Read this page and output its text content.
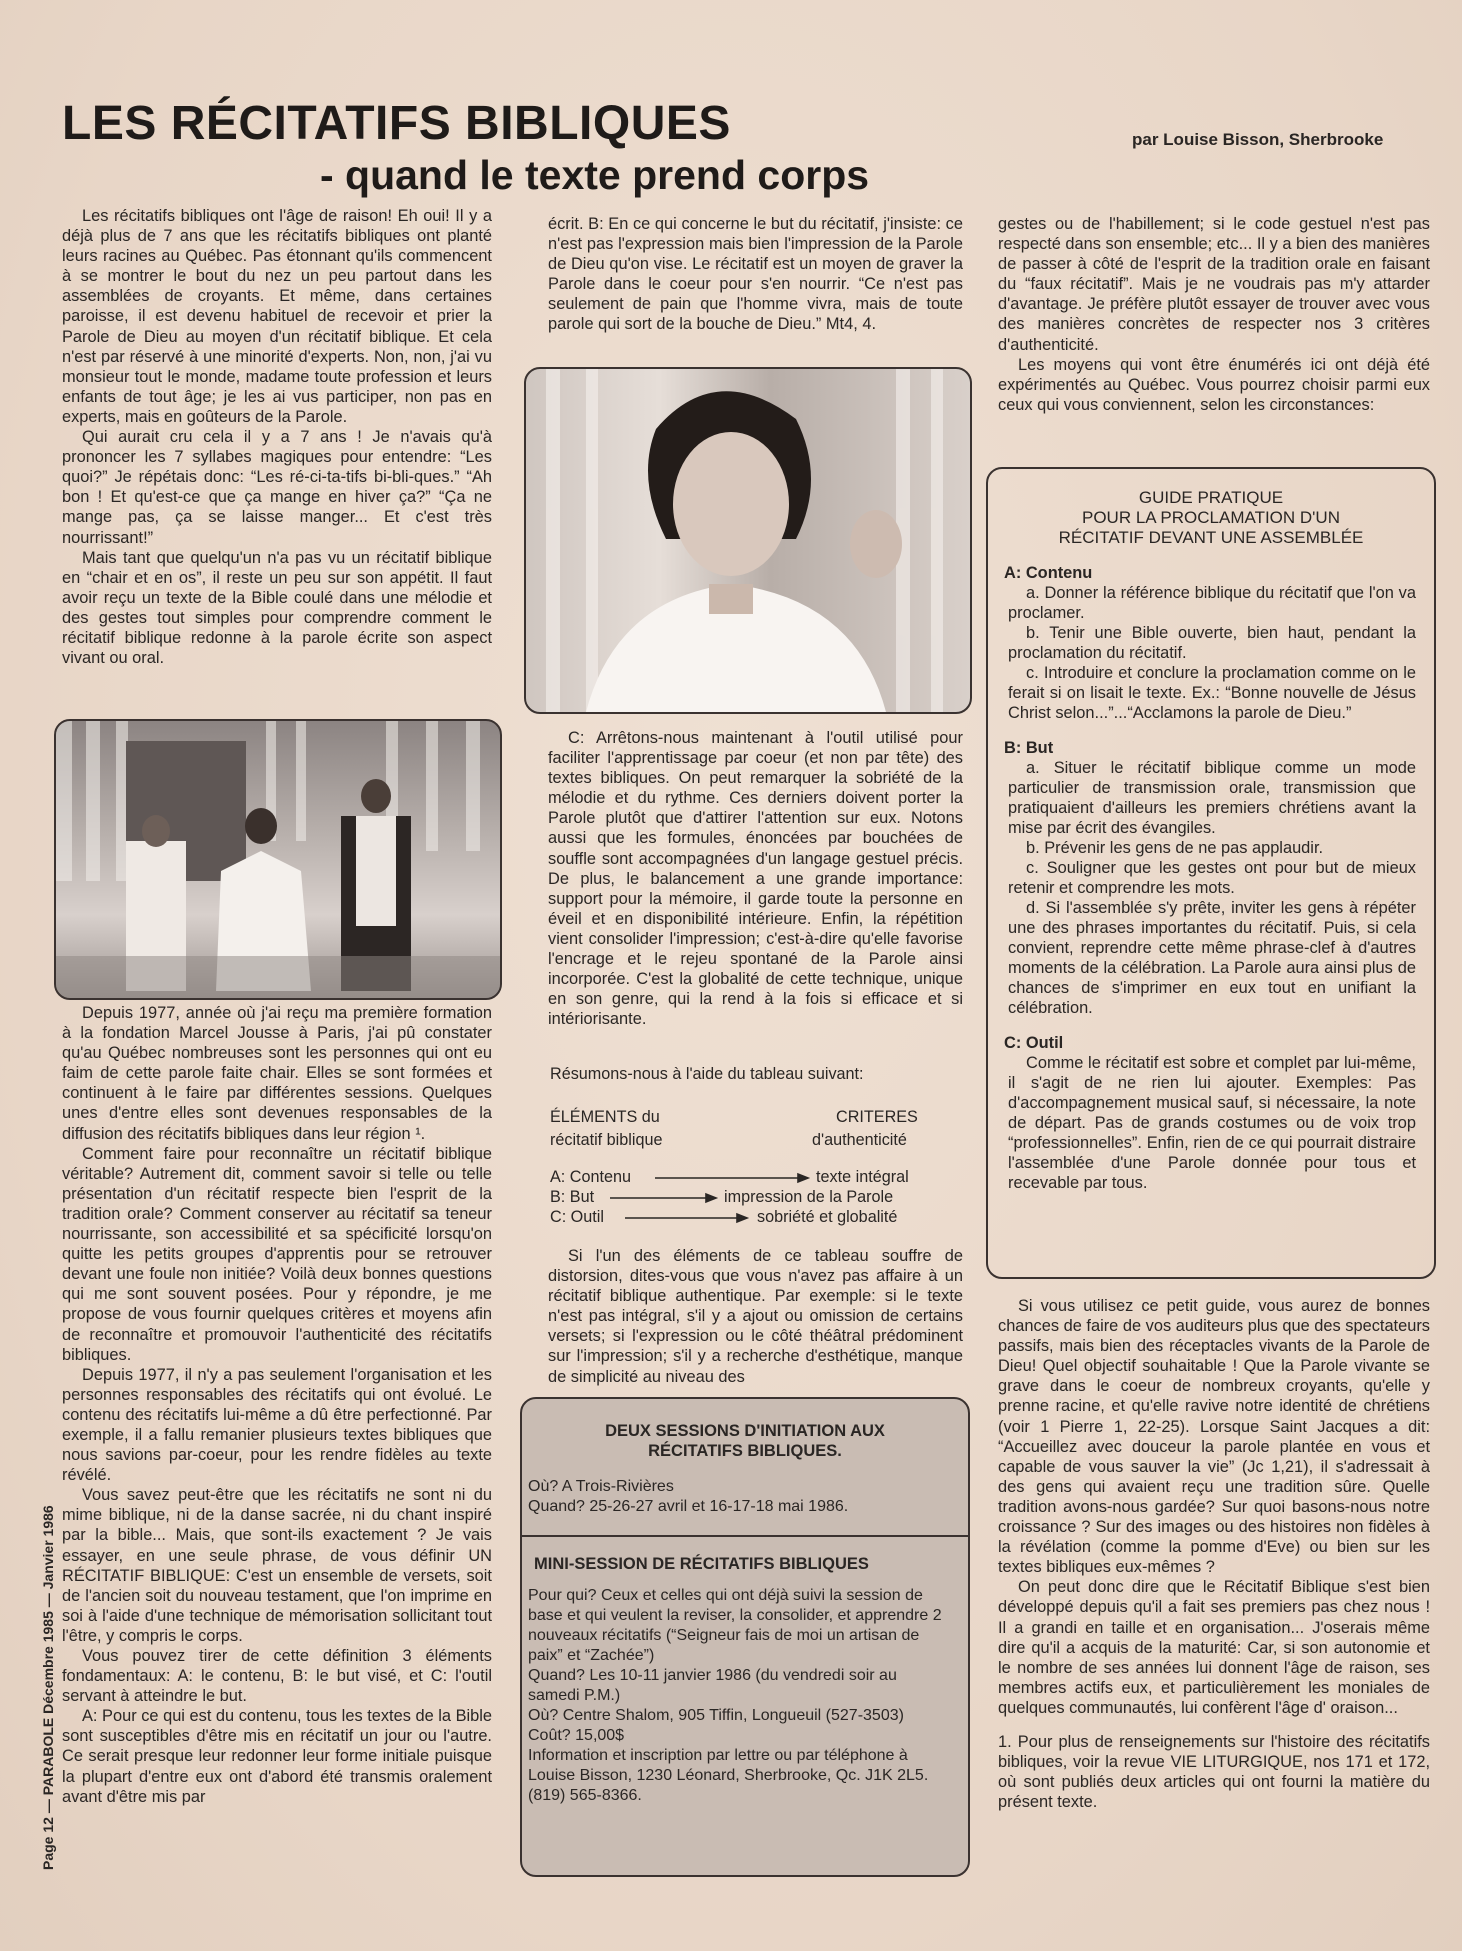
LES RÉCITATIFS BIBLIQUES
- quand le texte prend corps
par Louise Bisson, Sherbrooke

Les récitatifs bibliques ont l'âge de raison! Eh oui! Il y a déjà plus de 7 ans que les récitatifs bibliques ont planté leurs racines au Québec. Pas étonnant qu'ils commencent à se montrer le bout du nez un peu partout dans les assemblées de croyants. Et même, dans certaines paroisse, il est devenu habituel de recevoir et prier la Parole de Dieu au moyen d'un récitatif biblique. Et cela n'est par réservé à une minorité d'experts. Non, non, j'ai vu monsieur tout le monde, madame toute profession et leurs enfants de tout âge; je les ai vus participer, non pas en experts, mais en goûteurs de la Parole.

Qui aurait cru cela il y a 7 ans ! Je n'avais qu'à prononcer les 7 syllabes magiques pour entendre: “Les quoi?” Je répétais donc: “Les ré-ci-ta-tifs bi-bli-ques.” “Ah bon ! Et qu'est-ce que ça mange en hiver ça?” “Ça ne mange pas, ça se laisse manger... Et c'est très nourrissant!”

Mais tant que quelqu'un n'a pas vu un récitatif biblique en “chair et en os”, il reste un peu sur son appétit. Il faut avoir reçu un texte de la Bible coulé dans une mélodie et des gestes tout simples pour comprendre comment le récitatif biblique redonne à la parole écrite son aspect vivant ou oral.

Depuis 1977, année où j'ai reçu ma première formation à la fondation Marcel Jousse à Paris, j'ai pû constater qu'au Québec nombreuses sont les personnes qui ont eu faim de cette parole faite chair. Elles se sont formées et continuent à le faire par différentes sessions. Quelques unes d'entre elles sont devenues responsables de la diffusion des récitatifs bibliques dans leur région ¹.

Comment faire pour reconnaître un récitatif biblique véritable? Autrement dit, comment savoir si telle ou telle présentation d'un récitatif respecte bien l'esprit de la tradition orale? Comment conserver au récitatif sa teneur nourrissante, son accessibilité et sa spécificité lorsqu'on quitte les petits groupes d'apprentis pour se retrouver devant une foule non initiée? Voilà deux bonnes questions qui me sont souvent posées. Pour y répondre, je me propose de vous fournir quelques critères et moyens afin de reconnaître et promouvoir l'authenticité des récitatifs bibliques.

Depuis 1977, il n'y a pas seulement l'organisation et les personnes responsables des récitatifs qui ont évolué. Le contenu des récitatifs lui-même a dû être perfectionné. Par exemple, il a fallu remanier plusieurs textes bibliques que nous savions par-coeur, pour les rendre fidèles au texte révélé.

Vous savez peut-être que les récitatifs ne sont ni du mime biblique, ni de la danse sacrée, ni du chant inspiré par la bible... Mais, que sont-ils exactement ? Je vais essayer, en une seule phrase, de vous définir UN RÉCITATIF BIBLIQUE: C'est un ensemble de versets, soit de l'ancien soit du nouveau testament, que l'on imprime en soi à l'aide d'une technique de mémorisation sollicitant tout l'être, y compris le corps.

Vous pouvez tirer de cette définition 3 éléments fondamentaux: A: le contenu, B: le but visé, et C: l'outil servant à atteindre le but.

A: Pour ce qui est du contenu, tous les textes de la Bible sont susceptibles d'être mis en récitatif un jour ou l'autre. Ce serait presque leur redonner leur forme initiale puisque la plupart d'entre eux ont d'abord été transmis oralement avant d'être mis par

écrit. B: En ce qui concerne le but du récitatif, j'insiste: ce n'est pas l'expression mais bien l'impression de la Parole de Dieu qu'on vise. Le récitatif est un moyen de graver la Parole dans le coeur pour s'en nourrir. “Ce n'est pas seulement de pain que l'homme vivra, mais de toute parole qui sort de la bouche de Dieu.” Mt4, 4.

C: Arrêtons-nous maintenant à l'outil utilisé pour faciliter l'apprentissage par coeur (et non par tête) des textes bibliques. On peut remarquer la sobriété de la mélodie et du rythme. Ces derniers doivent porter la Parole plutôt que d'attirer l'attention sur eux. Notons aussi que les formules, énoncées par bouchées de souffle sont accompagnées d'un langage gestuel précis. De plus, le balancement a une grande importance: support pour la mémoire, il garde toute la personne en éveil et en disponibilité intérieure. Enfin, la répétition vient consolider l'impression; c'est-à-dire qu'elle favorise l'encrage et le rejeu spontané de la Parole ainsi incorporée. C'est la globalité de cette technique, unique en son genre, qui la rend à la fois si efficace et si intériorisante.

Résumons-nous à l'aide du tableau suivant:
ÉLÉMENTS du
récitatif biblique
CRITERES
d'authenticité
A: Contenu	texte intégral
B: But	impression de la Parole
C: Outil	sobriété et globalité

Si l'un des éléments de ce tableau souffre de distorsion, dites-vous que vous n'avez pas affaire à un récitatif biblique authentique. Par exemple: si le texte n'est pas intégral, s'il y a ajout ou omission de certains versets; si l'expression ou le côté théâtral prédominent sur l'impression; s'il y a recherche d'esthétique, manque de simplicité au niveau des

DEUX SESSIONS D'INITIATION AUX
RÉCITATIFS BIBLIQUES.
Où? A Trois-Rivières
Quand? 25-26-27 avril et 16-17-18 mai 1986.
MINI-SESSION DE RÉCITATIFS BIBLIQUES
Pour qui? Ceux et celles qui ont déjà suivi la session de base et qui veulent la reviser, la consolider, et apprendre 2 nouveaux récitatifs (“Seigneur fais de moi un artisan de paix” et “Zachée”)
Quand? Les 10-11 janvier 1986 (du vendredi soir au samedi P.M.)
Où? Centre Shalom, 905 Tiffin, Longueuil (527-3503)
Coût? 15,00$
Information et inscription par lettre ou par téléphone à Louise Bisson, 1230 Léonard, Sherbrooke, Qc. J1K 2L5. (819) 565-8366.

gestes ou de l'habillement; si le code gestuel n'est pas respecté dans son ensemble; etc... Il y a bien des manières de passer à côté de l'esprit de la tradition orale en faisant du “faux récitatif”. Mais je ne voudrais pas m'y attarder d'avantage. Je préfère plutôt essayer de trouver avec vous des manières concrètes de respecter nos 3 critères d'authenticité.

Les moyens qui vont être énumérés ici ont déjà été expérimentés au Québec. Vous pourrez choisir parmi eux ceux qui vous conviennent, selon les circonstances:

GUIDE PRATIQUE
POUR LA PROCLAMATION D'UN
RÉCITATIF DEVANT UNE ASSEMBLÉE
A: Contenu
a. Donner la référence biblique du récitatif que l'on va proclamer.
b. Tenir une Bible ouverte, bien haut, pendant la proclamation du récitatif.
c. Introduire et conclure la proclamation comme on le ferait si on lisait le texte. Ex.: “Bonne nouvelle de Jésus Christ selon...”...“Acclamons la parole de Dieu.”
B: But
a. Situer le récitatif biblique comme un mode particulier de transmission orale, transmission que pratiquaient d'ailleurs les premiers chrétiens avant la mise par écrit des évangiles.
b. Prévenir les gens de ne pas applaudir.
c. Souligner que les gestes ont pour but de mieux retenir et comprendre les mots.
d. Si l'assemblée s'y prête, inviter les gens à répéter une des phrases importantes du récitatif. Puis, si cela convient, reprendre cette même phrase-clef à d'autres moments de la célébration. La Parole aura ainsi plus de chances de s'imprimer en eux tout en unifiant la célébration.
C: Outil
Comme le récitatif est sobre et complet par lui-même, il s'agit de ne rien lui ajouter. Exemples: Pas d'accompagnement musical sauf, si nécessaire, la note de départ. Pas de grands costumes ou de voix trop “professionnelles”. Enfin, rien de ce qui pourrait distraire l'assemblée d'une Parole donnée pour tous et recevable par tous.

Si vous utilisez ce petit guide, vous aurez de bonnes chances de faire de vos auditeurs plus que des spectateurs passifs, mais bien des réceptacles vivants de la Parole de Dieu! Quel objectif souhaitable ! Que la Parole vivante se grave dans le coeur de nombreux croyants, qu'elle y prenne racine, et qu'elle ravive notre identité de chrétiens (voir 1 Pierre 1, 22-25). Lorsque Saint Jacques a dit: “Accueillez avec douceur la parole plantée en vous et capable de vous sauver la vie” (Jc 1,21), il s'adressait à des gens qui avaient reçu une tradition sûre. Quelle tradition avons-nous gardée? Sur quoi basons-nous notre croissance ? Sur des images ou des histoires non fidèles à la révélation (comme la pomme d'Eve) ou bien sur les textes bibliques eux-mêmes ?

On peut donc dire que le Récitatif Biblique s'est bien développé depuis qu'il a fait ses premiers pas chez nous ! Il a grandi en taille et en organisation... J'oserais même dire qu'il a acquis de la maturité: Car, si son autonomie et le nombre de ses années lui donnent l'âge de raison, ses membres actifs eux, et particulièrement les moniales de quelques communautés, lui confèrent l'âge d' oraison...

1. Pour plus de renseignements sur l'histoire des récitatifs bibliques, voir la revue VIE LITURGIQUE, nos 171 et 172, où sont publiés deux articles qui ont fourni la matière du présent texte.

Page 12 — PARABOLE Décembre 1985 — Janvier 1986
